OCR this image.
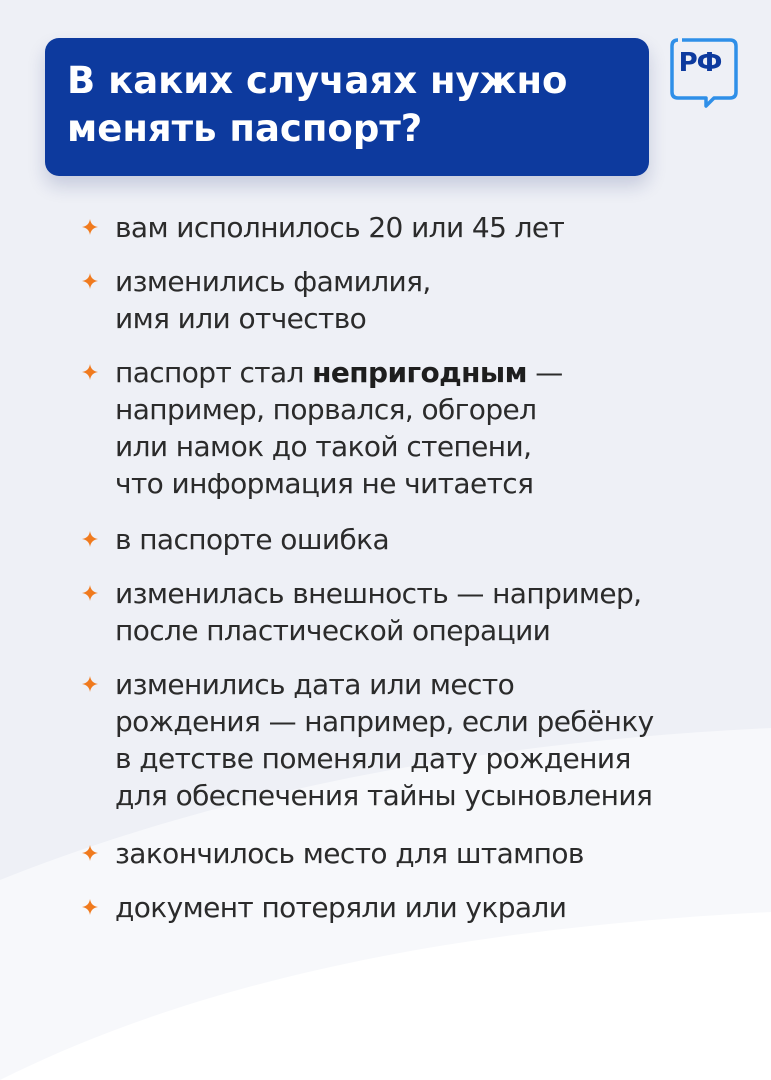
В каких случаях нужно
менять паспорт?
РФ
вам исполнилось 20 или 45 лет
изменились фамилия,
имя или отчество
паспорт стал непригодным —
например, порвался, обгорел
или намок до такой степени,
что информация не читается
в паспорте ошибка
изменилась внешность — например,
после пластической операции
изменились дата или место
рождения — например, если ребёнку
в детстве поменяли дату рождения
для обеспечения тайны усыновления
закончилось место для штампов
документ потеряли или украли
